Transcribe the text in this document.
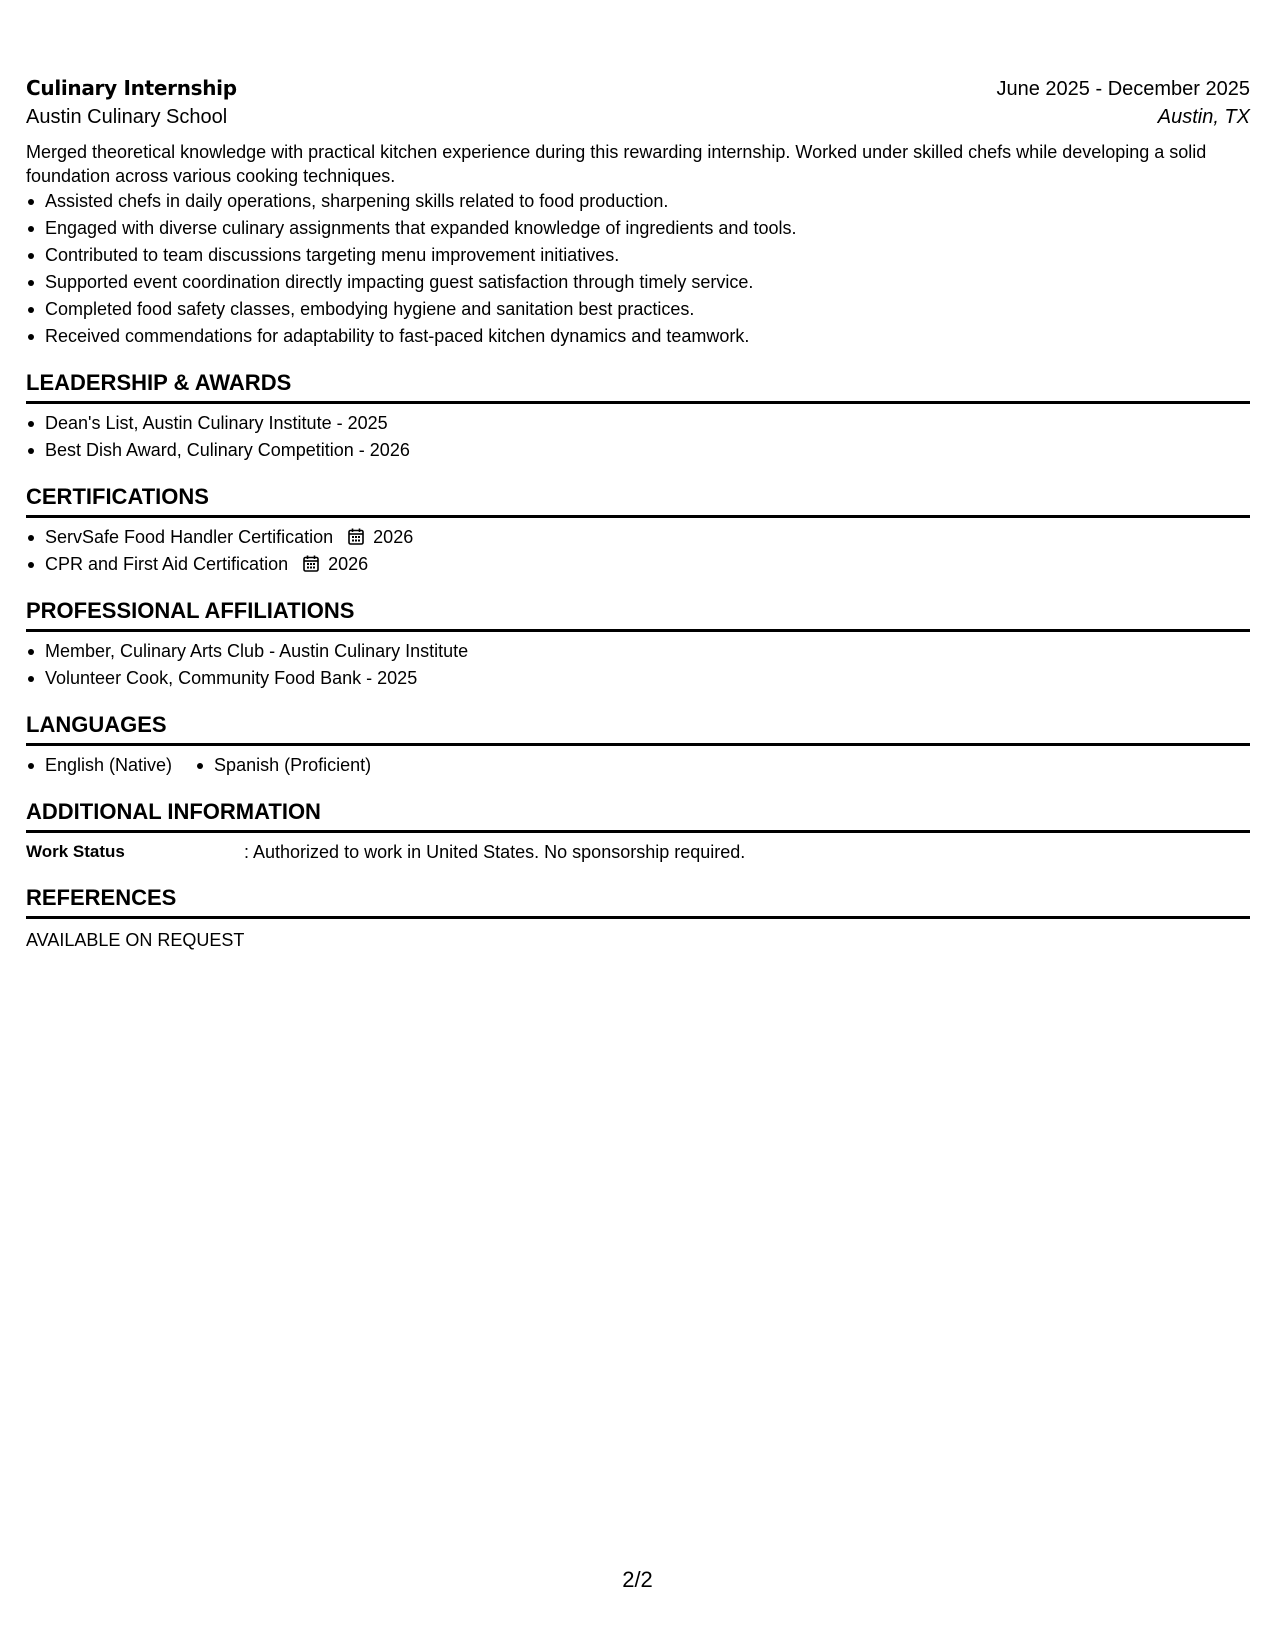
Culinary Internship	June 2025 - December 2025
Austin Culinary School	Austin, TX

Merged theoretical knowledge with practical kitchen experience during this rewarding internship. Worked under skilled chefs while developing a solid foundation across various cooking techniques.

Assisted chefs in daily operations, sharpening skills related to food production.
Engaged with diverse culinary assignments that expanded knowledge of ingredients and tools.
Contributed to team discussions targeting menu improvement initiatives.
Supported event coordination directly impacting guest satisfaction through timely service.
Completed food safety classes, embodying hygiene and sanitation best practices.
Received commendations for adaptability to fast-paced kitchen dynamics and teamwork.
LEADERSHIP & AWARDS
Dean's List, Austin Culinary Institute - 2025
Best Dish Award, Culinary Competition - 2026
CERTIFICATIONS
ServSafe Food Handler Certification 2026
CPR and First Aid Certification 2026
PROFESSIONAL AFFILIATIONS
Member, Culinary Arts Club - Austin Culinary Institute
Volunteer Cook, Community Food Bank - 2025
LANGUAGES
English (Native)	Spanish (Proficient)
ADDITIONAL INFORMATION
Work Status	: Authorized to work in United States. No sponsorship required.
REFERENCES

AVAILABLE ON REQUEST

2/2
